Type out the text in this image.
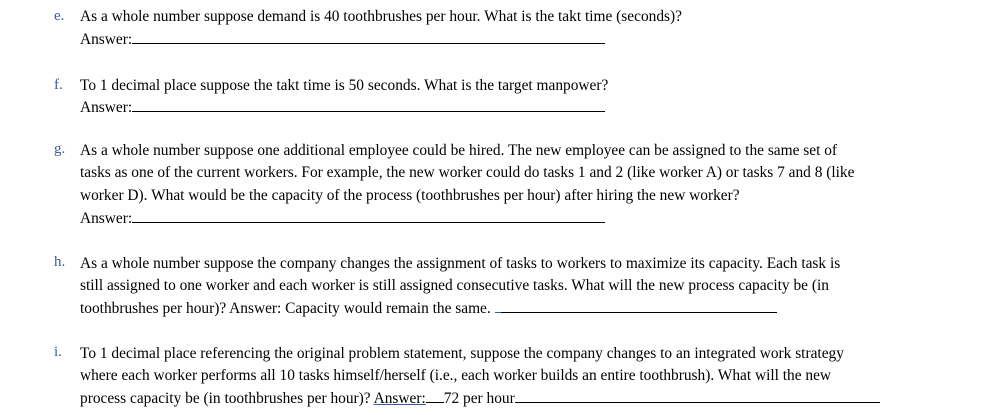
e. As a whole number suppose demand is 40 toothbrushes per hour. What is the takt time (seconds)?
Answer:
f. To 1 decimal place suppose the takt time is 50 seconds. What is the target manpower?
Answer:
g. As a whole number suppose one additional employee could be hired. The new employee can be assigned to the same set of
tasks as one of the current workers. For example, the new worker could do tasks 1 and 2 (like worker A) or tasks 7 and 8 (like
worker D). What would be the capacity of the process (toothbrushes per hour) after hiring the new worker?
Answer:
h. As a whole number suppose the company changes the assignment of tasks to workers to maximize its capacity. Each task is
still assigned to one worker and each worker is still assigned consecutive tasks. What will the new process capacity be (in
toothbrushes per hour)? Answer: Capacity would remain the same.
i. To 1 decimal place referencing the original problem statement, suppose the company changes to an integrated work strategy
where each worker performs all 10 tasks himself/herself (i.e., each worker builds an entire toothbrush). What will the new
process capacity be (in toothbrushes per hour)? Answer: 72 per hour
